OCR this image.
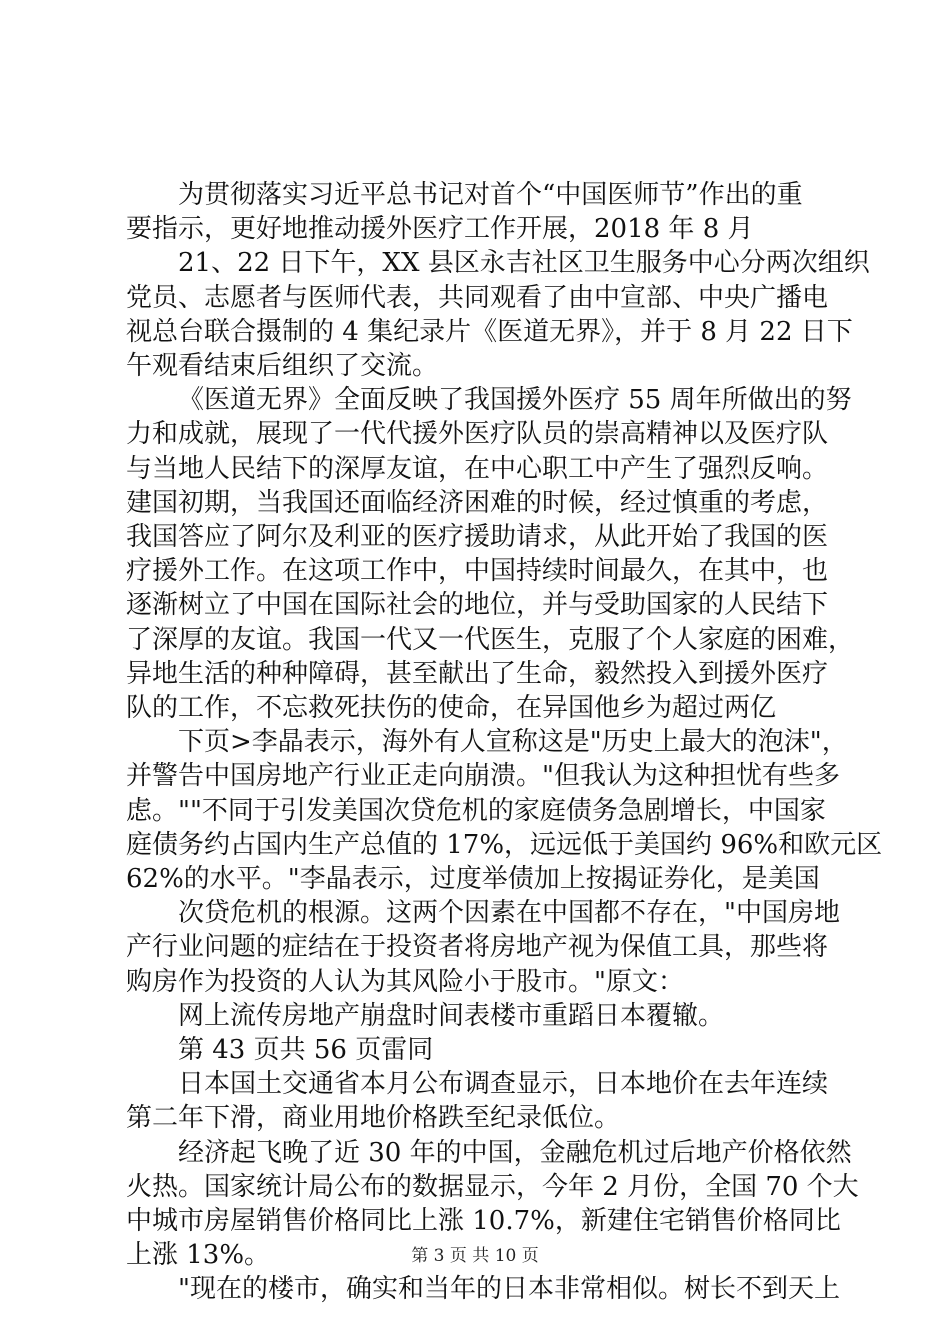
为贯彻落实习近平总书记对首个“中国医师节”作出的重
要指示，更好地推动援外医疗工作开展，2018 年 8 月
21、22 日下午，XX 县区永吉社区卫生服务中心分两次组织
党员、志愿者与医师代表，共同观看了由中宣部、中央广播电
视总台联合摄制的 4 集纪录片《医道无界》，并于 8 月 22 日下
午观看结束后组织了交流。
《医道无界》全面反映了我国援外医疗 55 周年所做出的努
力和成就，展现了一代代援外医疗队员的崇高精神以及医疗队
与当地人民结下的深厚友谊，在中心职工中产生了强烈反响。
建国初期，当我国还面临经济困难的时候，经过慎重的考虑，
我国答应了阿尔及利亚的医疗援助请求，从此开始了我国的医
疗援外工作。在这项工作中，中国持续时间最久，在其中，也
逐渐树立了中国在国际社会的地位，并与受助国家的人民结下
了深厚的友谊。我国一代又一代医生，克服了个人家庭的困难，
异地生活的种种障碍，甚至献出了生命，毅然投入到援外医疗
队的工作，不忘救死扶伤的使命，在异国他乡为超过两亿
下页>李晶表示，海外有人宣称这是"历史上最大的泡沫"，
并警告中国房地产行业正走向崩溃。"但我认为这种担忧有些多
虑。""不同于引发美国次贷危机的家庭债务急剧增长，中国家
庭债务约占国内生产总值的 17%，远远低于美国约 96%和欧元区
62%的水平。"李晶表示，过度举债加上按揭证券化，是美国
次贷危机的根源。这两个因素在中国都不存在，"中国房地
产行业问题的症结在于投资者将房地产视为保值工具，那些将
购房作为投资的人认为其风险小于股市。"原文：
网上流传房地产崩盘时间表楼市重蹈日本覆辙。
第 43 页共 56 页雷同
日本国土交通省本月公布调查显示，日本地价在去年连续
第二年下滑，商业用地价格跌至纪录低位。
经济起飞晚了近 30 年的中国，金融危机过后地产价格依然
火热。国家统计局公布的数据显示，今年 2 月份，全国 70 个大
中城市房屋销售价格同比上涨 10.7%，新建住宅销售价格同比
上涨 13%。
"现在的楼市，确实和当年的日本非常相似。树长不到天上
第 3 页 共 10 页
